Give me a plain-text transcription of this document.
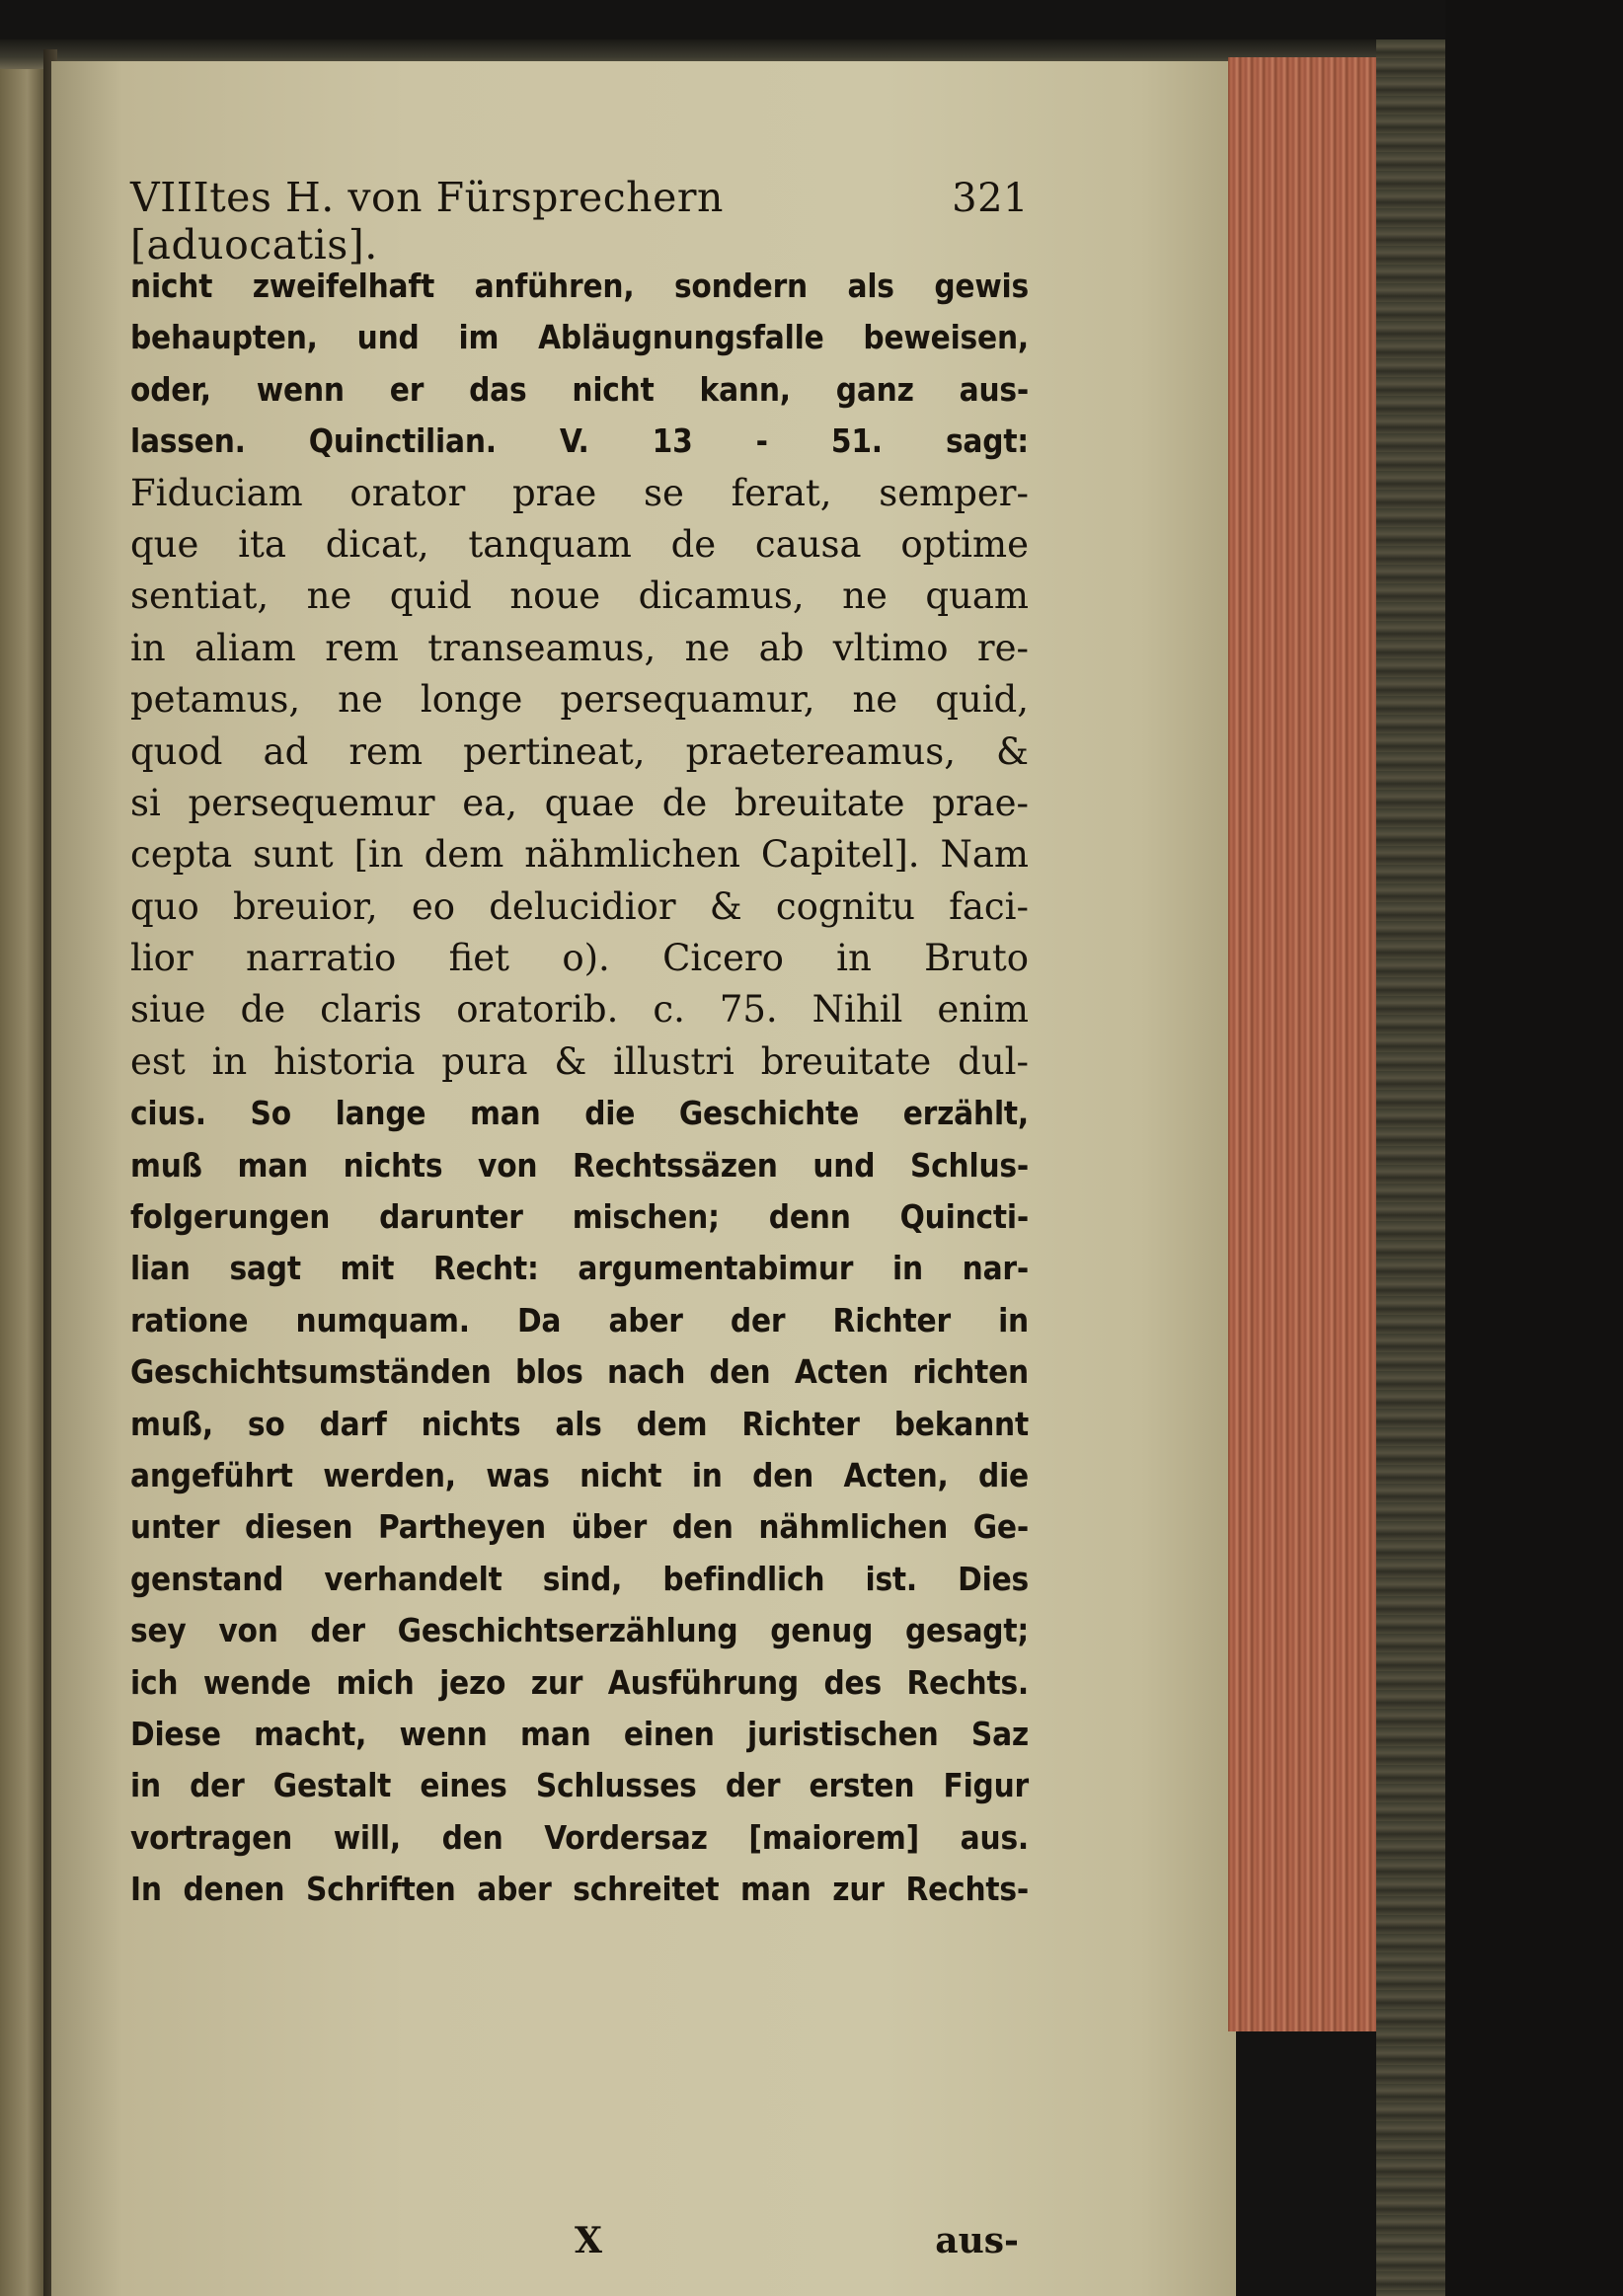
VIIItes H. von Fürsprechern [aduocatis].
321
nicht zweifelhaft anführen, sondern als gewis
behaupten, und im Abläugnungsfalle beweisen,
oder, wenn er das nicht kann, ganz aus-
lassen. Quinctilian. V. 13 - 51. sagt:
Fiduciam orator prae se ferat, semper-
que ita dicat, tanquam de causa optime
sentiat, ne quid noue dicamus, ne quam
in aliam rem transeamus, ne ab vltimo re-
petamus, ne longe persequamur, ne quid,
quod ad rem pertineat, praetereamus, &
si persequemur ea, quae de breuitate prae-
cepta sunt [in dem nähmlichen Capitel]. Nam
quo breuior, eo delucidior & cognitu faci-
lior narratio fiet o). Cicero in Bruto
siue de claris oratorib. c. 75. Nihil enim
est in historia pura & illustri breuitate dul-
cius. So lange man die Geschichte erzählt,
muß man nichts von Rechtssäzen und Schlus-
folgerungen darunter mischen; denn Quincti-
lian sagt mit Recht: argumentabimur in nar-
ratione numquam. Da aber der Richter in
Geschichtsumständen blos nach den Acten richten
muß, so darf nichts als dem Richter bekannt
angeführt werden, was nicht in den Acten, die
unter diesen Partheyen über den nähmlichen Ge-
genstand verhandelt sind, befindlich ist. Dies
sey von der Geschichtserzählung genug gesagt;
ich wende mich jezo zur Ausführung des Rechts.
Diese macht, wenn man einen juristischen Saz
in der Gestalt eines Schlusses der ersten Figur
vortragen will, den Vordersaz [maiorem] aus.
In denen Schriften aber schreitet man zur Rechts-
X	aus-
